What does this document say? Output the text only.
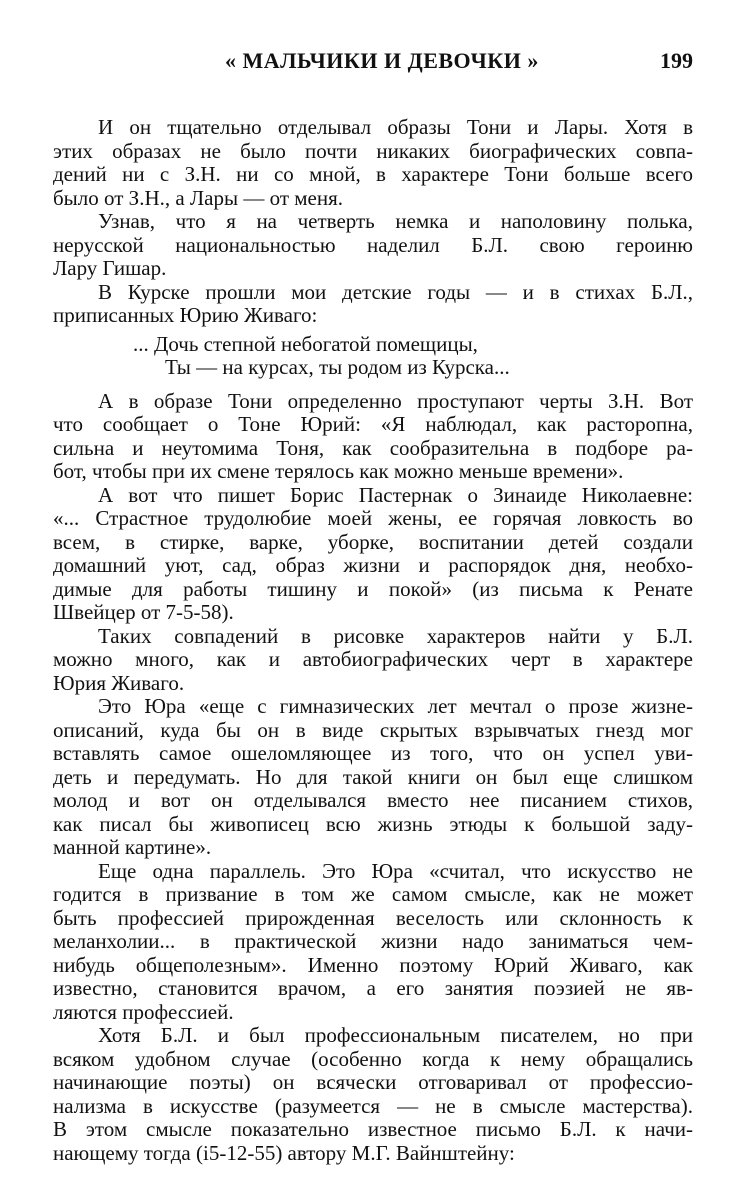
« МАЛЬЧИКИ И ДЕВОЧКИ »	199
И он тщательно отделывал образы Тони и Лары. Хотя в
этих образах не было почти никаких биографических совпа-
дений ни с З.Н. ни со мной, в характере Тони больше всего
было от З.Н., а Лары — от меня.
Узнав, что я на четверть немка и наполовину полька,
нерусской национальностью наделил Б.Л. свою героиню
Лару Гишар.
В Курске прошли мои детские годы — и в стихах Б.Л.,
приписанных Юрию Живаго:
... Дочь степной небогатой помещицы,
Ты — на курсах, ты родом из Курска...
А в образе Тони определенно проступают черты З.Н. Вот
что сообщает о Тоне Юрий: «Я наблюдал, как расторопна,
сильна и неутомима Тоня, как сообразительна в подборе ра-
бот, чтобы при их смене терялось как можно меньше времени».
А вот что пишет Борис Пастернак о Зинаиде Николаевне:
«... Страстное трудолюбие моей жены, ее горячая ловкость во
всем, в стирке, варке, уборке, воспитании детей создали
домашний уют, сад, образ жизни и распорядок дня, необхо-
димые для работы тишину и покой» (из письма к Ренате
Швейцер от 7-5-58).
Таких совпадений в рисовке характеров найти у Б.Л.
можно много, как и автобиографических черт в характере
Юрия Живаго.
Это Юра «еще с гимназических лет мечтал о прозе жизне-
описаний, куда бы он в виде скрытых взрывчатых гнезд мог
вставлять самое ошеломляющее из того, что он успел уви-
деть и передумать. Но для такой книги он был еще слишком
молод и вот он отделывался вместо нее писанием стихов,
как писал бы живописец всю жизнь этюды к большой заду-
манной картине».
Еще одна параллель. Это Юра «считал, что искусство не
годится в призвание в том же самом смысле, как не может
быть профессией прирожденная веселость или склонность к
меланхолии... в практической жизни надо заниматься чем-
нибудь общеполезным». Именно поэтому Юрий Живаго, как
известно, становится врачом, а его занятия поэзией не яв-
ляются профессией.
Хотя Б.Л. и был профессиональным писателем, но при
всяком удобном случае (особенно когда к нему обращались
начинающие поэты) он всячески отговаривал от профессио-
нализма в искусстве (разумеется — не в смысле мастерства).
В этом смысле показательно известное письмо Б.Л. к начи-
нающему тогда (i5-12-55) автору М.Г. Вайнштейну:
